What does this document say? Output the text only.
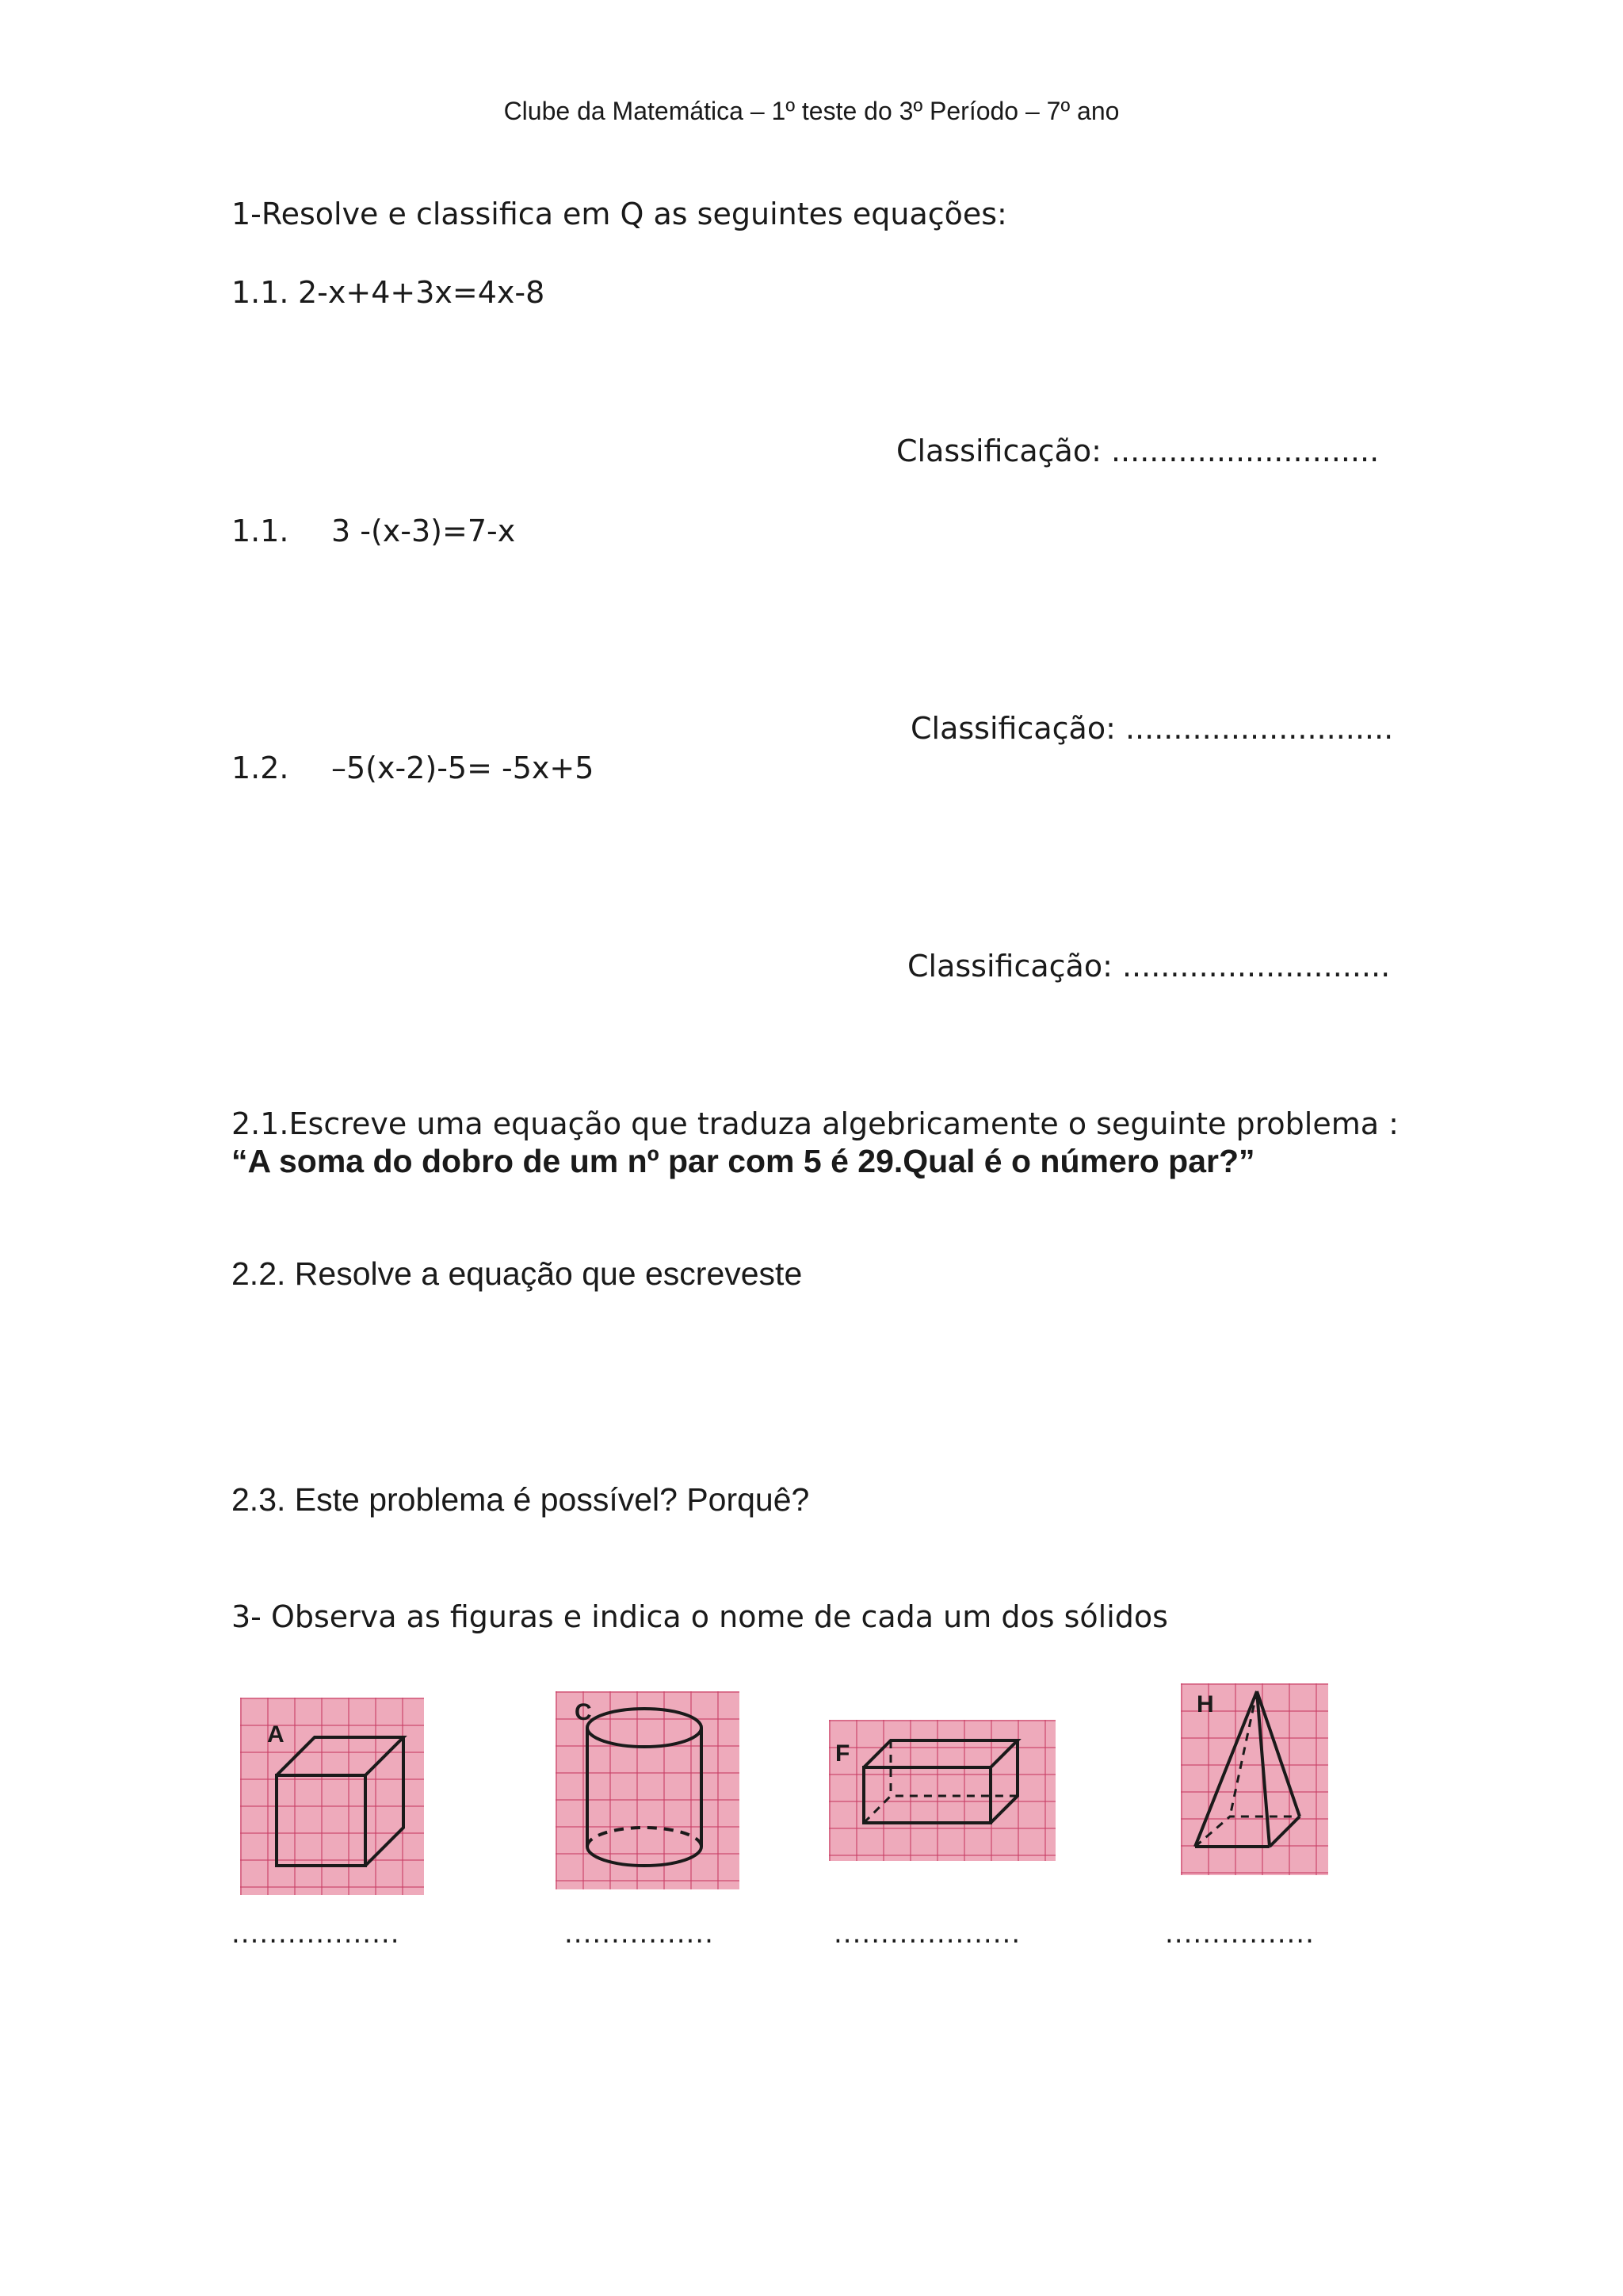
Clube da Matemática – 1º teste do 3º Período – 7º ano
1-Resolve e classifica em Q as seguintes equações:
1.1. 2-x+4+3x=4x-8
Classificação: ............................
1.1. 3 -(x-3)=7-x
Classificação: ............................
1.2. –5(x-2)-5= -5x+5
Classificação: ............................
2.1.Escreve uma equação que traduza algebricamente o seguinte problema :
“A soma do dobro de um nº par com 5 é 29.Qual é o número par?”
2.2. Resolve a equação que escreveste
2.3. Este problema é possível? Porquê?
3- Observa as figuras e indica o nome de cada um dos sólidos
A
C
F
H
..................	................	....................	................
